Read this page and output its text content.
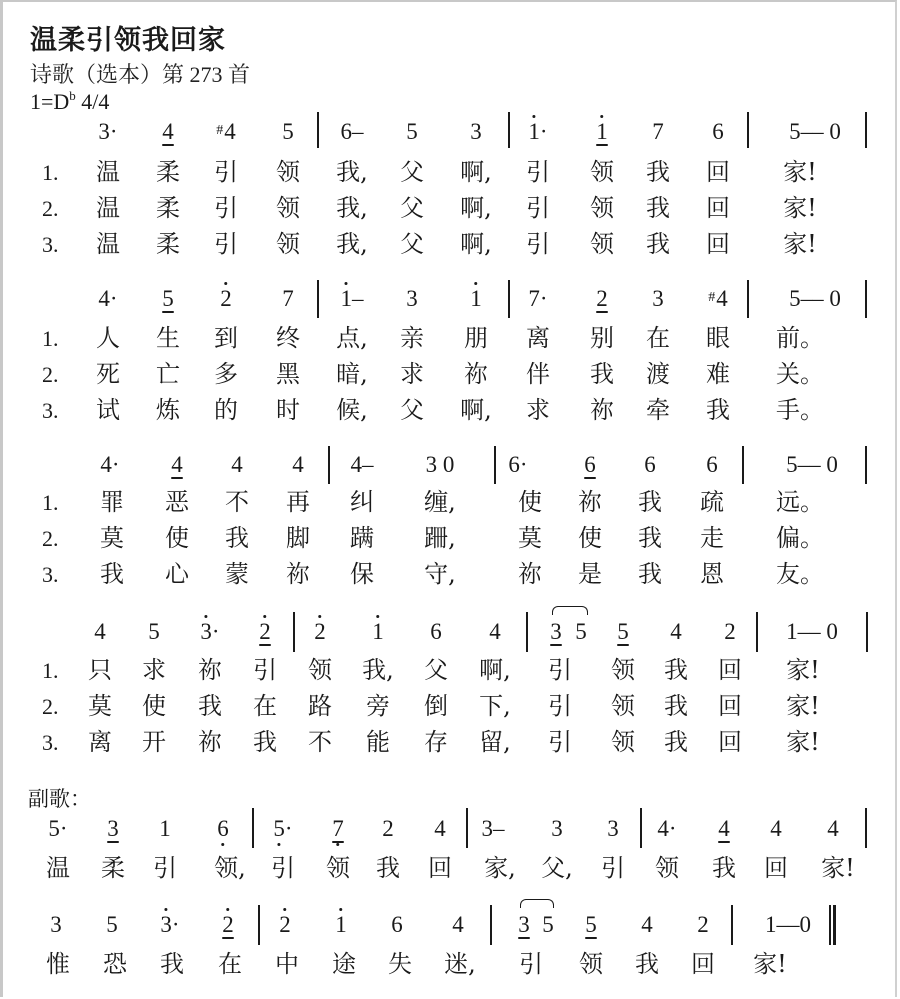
温柔引领我回家
诗歌（选本）第 273 首
$1=D^b$ 4/4
副歌：
3· 4	#4 5 6– 5 3 1· 1 7 6	5–– 0
1. 温 柔 引 领 我, 父 啊, 引 领 我 回 家!
2. 温 柔 引 领 我, 父 啊, 引 领 我 回 家!
3. 温 柔 引 领 我, 父 啊, 引 领 我 回 家!
4· 5 2 7 1– 3 1 7· 2 3	#4	5–– 0
1. 人 生 到 终 点, 亲 朋 离 别 在 眼 前。
2. 死 亡 多 黑 暗, 求 祢 伴 我 渡 难 关。
3. 试 炼 的 时 候, 父 啊, 求 祢 牵 我 手。
4· 4 4 4 4– 3 0 6· 6 6 6	5–– 0
1. 罪 恶 不 再 纠 缠,	使 祢 我 疏 远。
2. 莫 使 我 脚 蹒 跚,	莫 使 我 走 偏。
3. 我 心 蒙 祢 保 守,	祢 是 我 恩 友。
4 5 3· 2 2 1 6 4 3 5 5 4 2 1–– 0
1. 只 求 祢 引 领 我, 父 啊, 引 领 我 回 家!
2. 莫 使 我 在 路 旁 倒 下, 引 领 我 回 家!
3. 离 开 祢 我 不 能 存 留, 引 领 我 回 家!
5· 3 1 6 5· 7 2 4 3– 3 3 4· 4 4 4
温 柔 引 领, 引 领 我 回 家, 父, 引 领 我 回 家!
3 5 3· 2 2 1 6 4 3 5 5 4 2 1––0
惟 恐 我 在 中 途 失 迷, 引 领 我 回 家!
